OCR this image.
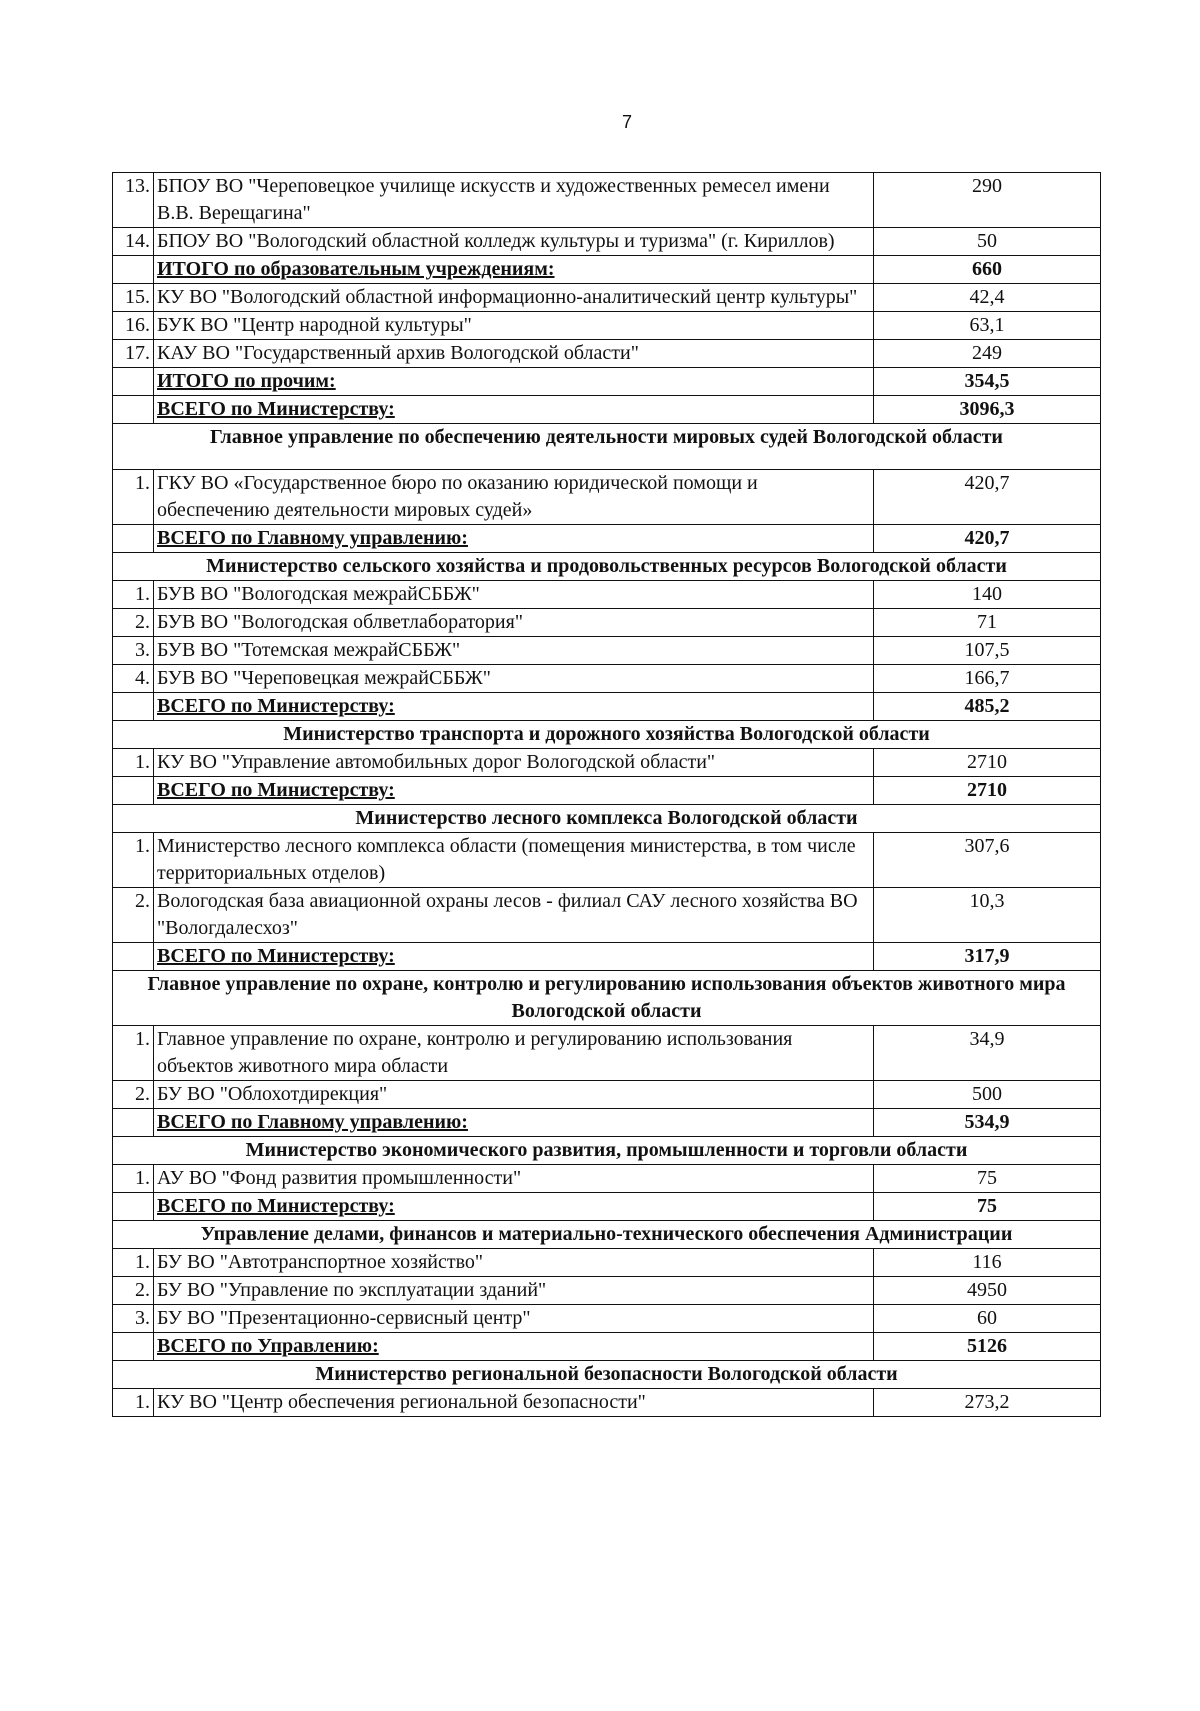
7
13.	БПОУ ВО "Череповецкое училище искусств и художественных ремесел имени В.В. Верещагина"	290
14.	БПОУ ВО "Вологодский областной колледж культуры и туризма" (г. Кириллов)	50
	ИТОГО по образовательным учреждениям:	660
15.	КУ ВО "Вологодский областной информационно-аналитический центр культуры"	42,4
16.	БУК ВО "Центр народной культуры"	63,1
17.	КАУ ВО "Государственный архив Вологодской области"	249
	ИТОГО по прочим:	354,5
	ВСЕГО по Министерству:	3096,3
Главное управление по обеспечению деятельности мировых судей Вологодской области		
1.	ГКУ ВО «Государственное бюро по оказанию юридической помощи и обеспечению деятельности мировых судей»	420,7
	ВСЕГО по Главному управлению:	420,7
Министерство сельского хозяйства и продовольственных ресурсов Вологодской области		
1.	БУВ ВО "Вологодская межрайСББЖ"	140
2.	БУВ ВО "Вологодская облветлаборатория"	71
3.	БУВ ВО "Тотемская межрайСББЖ"	107,5
4.	БУВ ВО "Череповецкая межрайСББЖ"	166,7
	ВСЕГО по Министерству:	485,2
Министерство транспорта и дорожного хозяйства Вологодской области		
1.	КУ ВО "Управление автомобильных дорог Вологодской области"	2710
	ВСЕГО по Министерству:	2710
Министерство лесного комплекса Вологодской области		
1.	Министерство лесного комплекса области (помещения министерства, в том числе территориальных отделов)	307,6
2.	Вологодская база авиационной охраны лесов - филиал САУ лесного хозяйства ВО "Вологдалесхоз"	10,3
	ВСЕГО по Министерству:	317,9
Главное управление по охране, контролю и регулированию использования объектов животного мира Вологодской области		
1.	Главное управление по охране, контролю и регулированию использования объектов животного мира области	34,9
2.	БУ ВО "Облохотдирекция"	500
	ВСЕГО по Главному управлению:	534,9
Министерство экономического развития, промышленности и торговли области		
1.	АУ ВО "Фонд развития промышленности"	75
	ВСЕГО по Министерству:	75
Управление делами, финансов и материально-технического обеспечения Администрации		
1.	БУ ВО "Автотранспортное хозяйство"	116
2.	БУ ВО "Управление по эксплуатации зданий"	4950
3.	БУ ВО "Презентационно-сервисный центр"	60
	ВСЕГО по Управлению:	5126
Министерство региональной безопасности Вологодской области		
1.	КУ ВО "Центр обеспечения региональной безопасности"	273,2
